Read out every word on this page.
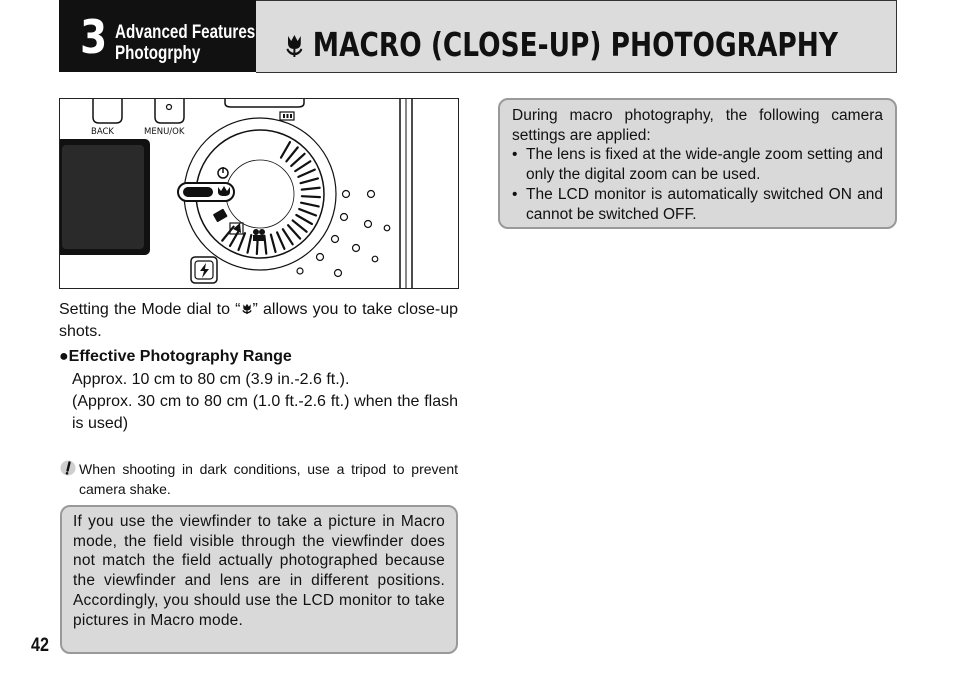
3 Advanced Features
Photogrphy	MACRO (CLOSE-UP) PHOTOGRAPHY
BACK	MENU/OK
Setting the Mode dial to “ ” allows you to take close-up shots.
●Effective Photography Range
Approx. 10 cm to 80 cm (3.9 in.-2.6 ft.).
(Approx. 30 cm to 80 cm (1.0 ft.-2.6 ft.) when the flash is used)
When shooting in dark conditions, use a tripod to prevent camera shake.
If you use the viewfinder to take a picture in Macro mode, the field visible through the viewfinder does not match the field actually photographed because the viewfinder and lens are in different positions. Accordingly, you should use the LCD monitor to take pictures in Macro mode.
During macro photography, the following camera settings are applied:
• The lens is fixed at the wide-angle zoom setting and only the digital zoom can be used.
• The LCD monitor is automatically switched ON and cannot be switched OFF.
42
